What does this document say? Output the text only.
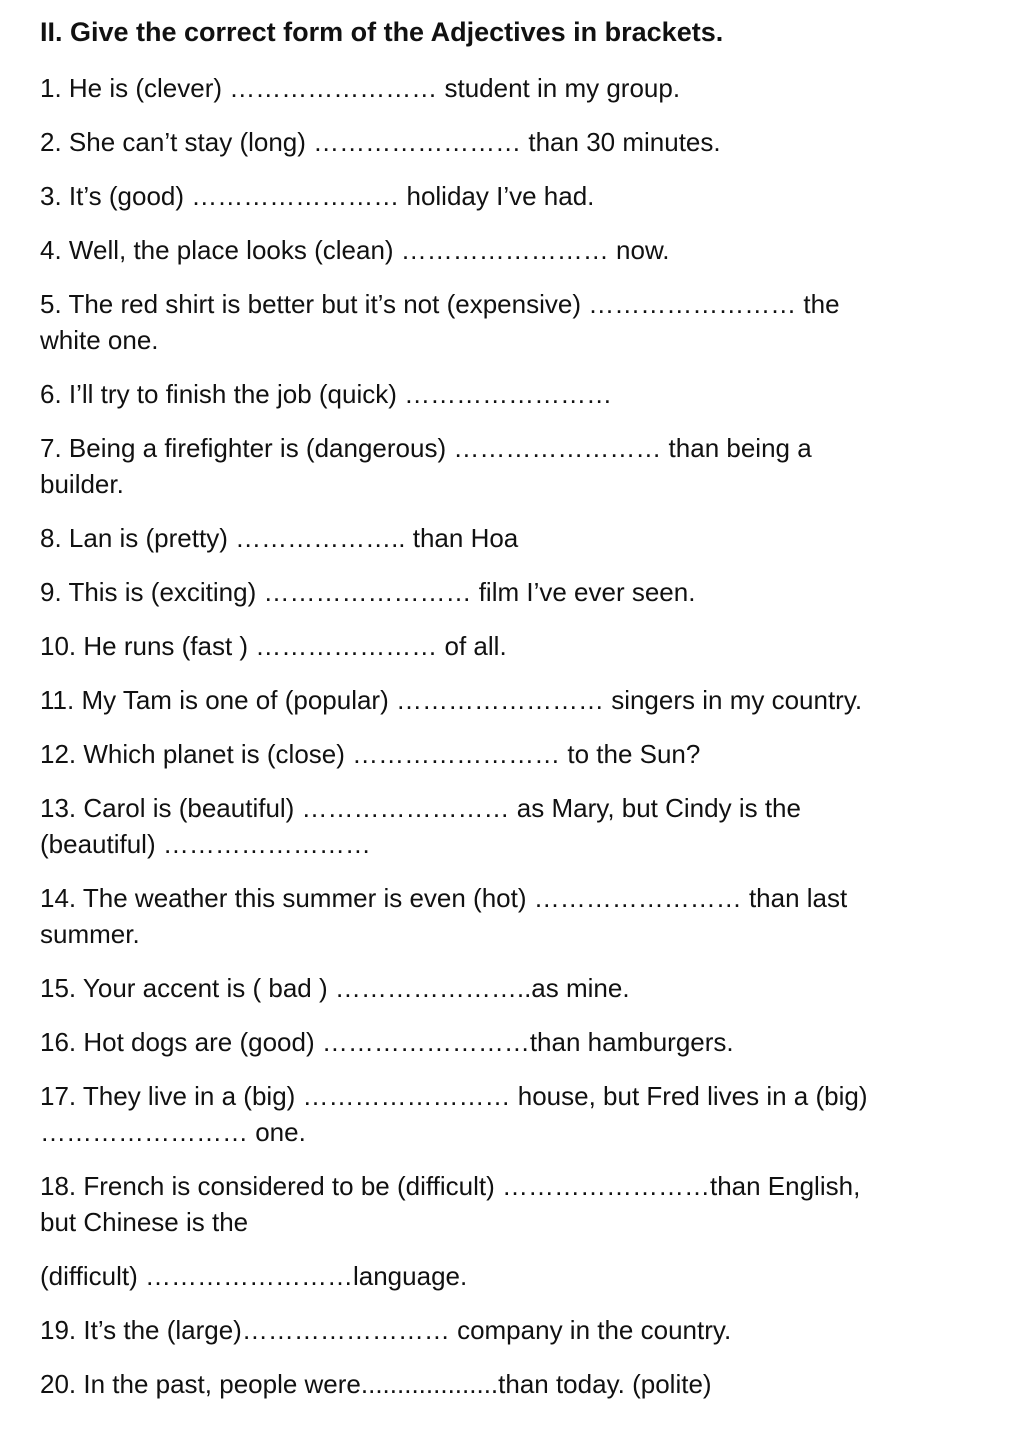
II. Give the correct form of the Adjectives in brackets.
1. He is (clever) …………………… student in my group.
2. She can’t stay (long) …………………… than 30 minutes.
3. It’s (good) …………………… holiday I’ve had.
4. Well, the place looks (clean) …………………… now.
5. The red shirt is better but it’s not (expensive) …………………… the
white one.
6. I’ll try to finish the job (quick) ……………………
7. Being a firefighter is (dangerous) …………………… than being a
builder.
8. Lan is (pretty) ……………….. than Hoa
9. This is (exciting) …………………… film I’ve ever seen.
10. He runs (fast ) ………………… of all.
11. My Tam is one of (popular) …………………… singers in my country.
12. Which planet is (close) …………………… to the Sun?
13. Carol is (beautiful) …………………… as Mary, but Cindy is the
(beautiful) ……………………
14. The weather this summer is even (hot) …………………… than last
summer.
15. Your accent is ( bad ) …………………..as mine.
16. Hot dogs are (good) ……………………than hamburgers.
17. They live in a (big) …………………… house, but Fred lives in a (big)
…………………… one.
18. French is considered to be (difficult) ……………………than English,
but Chinese is the
(difficult) ……………………language.
19. It’s the (large)…………………… company in the country.
20. In the past, people were...................than today. (polite)
